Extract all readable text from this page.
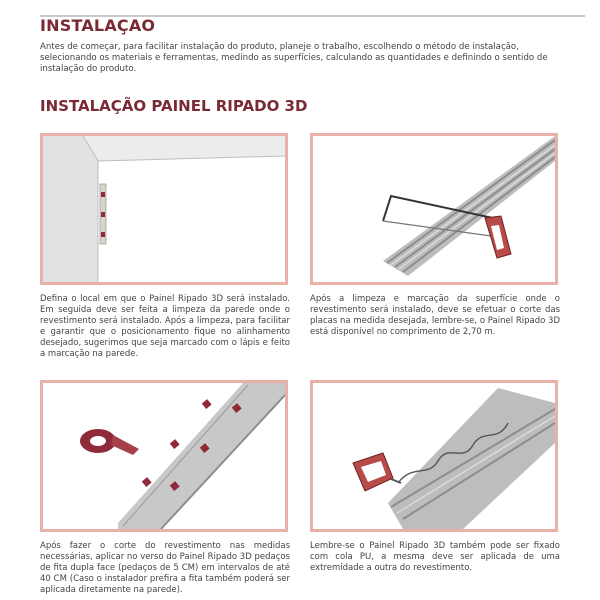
INSTALAÇAO

Antes de começar, para facilitar instalação do produto, planeje o trabalho, escolhendo o método de instalação, selecionando os materiais e ferramentas, medindo as superfícies, calculando as quantidades e definindo o sentido de instalação do produto.

INSTALAÇÃO PAINEL RIPADO 3D

Defina o local em que o Painel Ripado 3D será instalado. Em seguida deve ser feita a limpeza da parede onde o revestimento será instalado. Após a limpeza, para facilitar e garantir que o posicionamento fique no alinhamento desejado, sugerimos que seja marcado com o lápis e feito a marcação na parede.

Após a limpeza e marcação da superfície onde o revestimento será instalado, deve se efetuar o corte das placas na medida desejada, lembre-se, o Painel Ripado 3D está disponível no comprimento de 2,70 m.

Após fazer o corte do revestimento nas medidas necessárias, aplicar no verso do Painel Ripado 3D pedaços de fita dupla face (pedaços de 5 CM) em intervalos de até 40 CM (Caso o instalador prefira a fita também poderá ser aplicada diretamente na parede).

Lembre-se o Painel Ripado 3D também pode ser fixado com cola PU, a mesma deve ser aplicada de uma extremidade a outra do revestimento.
